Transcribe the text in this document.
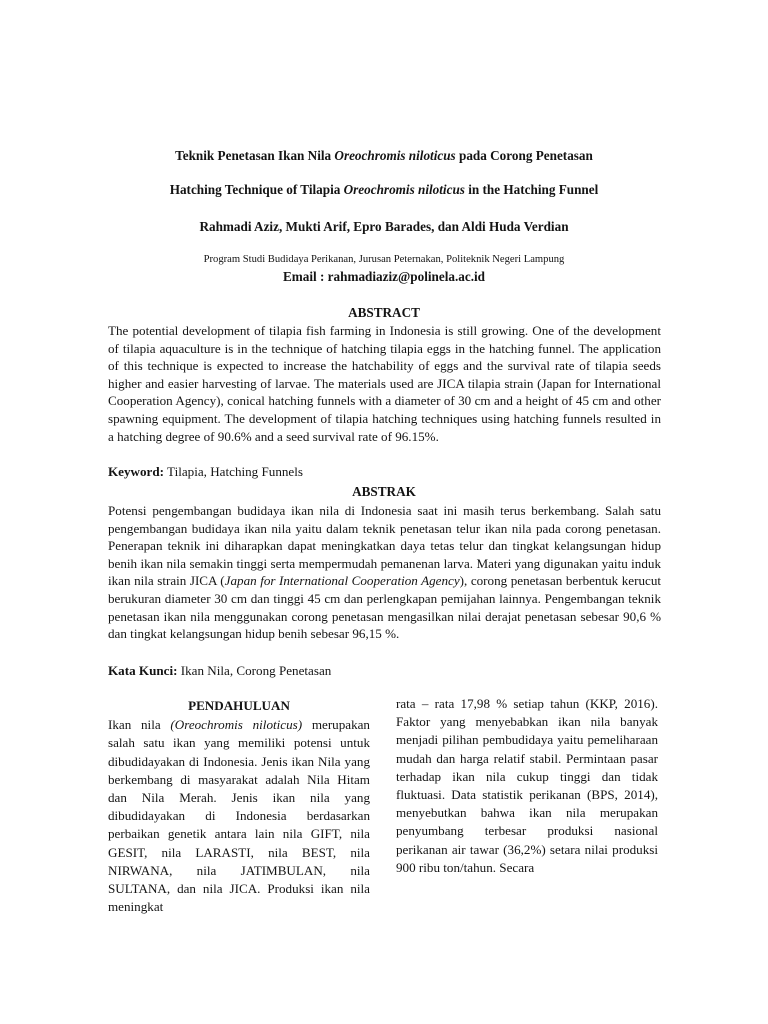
Teknik Penetasan Ikan Nila Oreochromis niloticus pada Corong Penetasan
Hatching Technique of Tilapia Oreochromis niloticus in the Hatching Funnel
Rahmadi Aziz, Mukti Arif, Epro Barades, dan Aldi Huda Verdian
Program Studi Budidaya Perikanan, Jurusan Peternakan, Politeknik Negeri Lampung
Email : rahmadiaziz@polinela.ac.id
ABSTRACT
The potential development of tilapia fish farming in Indonesia is still growing. One of the development of tilapia aquaculture is in the technique of hatching tilapia eggs in the hatching funnel. The application of this technique is expected to increase the hatchability of eggs and the survival rate of tilapia seeds higher and easier harvesting of larvae. The materials used are JICA tilapia strain (Japan for International Cooperation Agency), conical hatching funnels with a diameter of 30 cm and a height of 45 cm and other spawning equipment. The development of tilapia hatching techniques using hatching funnels resulted in a hatching degree of 90.6% and a seed survival rate of 96.15%.
Keyword: Tilapia, Hatching Funnels
ABSTRAK
Potensi pengembangan budidaya ikan nila di Indonesia saat ini masih terus berkembang. Salah satu pengembangan budidaya ikan nila yaitu dalam teknik penetasan telur ikan nila pada corong penetasan. Penerapan teknik ini diharapkan dapat meningkatkan daya tetas telur dan tingkat kelangsungan hidup benih ikan nila semakin tinggi serta mempermudah pemanenan larva. Materi yang digunakan yaitu induk ikan nila strain JICA (Japan for International Cooperation Agency), corong penetasan berbentuk kerucut berukuran diameter 30 cm dan tinggi 45 cm dan perlengkapan pemijahan lainnya. Pengembangan teknik penetasan ikan nila menggunakan corong penetasan mengasilkan nilai derajat penetasan sebesar 90,6 % dan tingkat kelangsungan hidup benih sebesar 96,15 %.
Kata Kunci: Ikan Nila, Corong Penetasan
PENDAHULUAN
Ikan nila (Oreochromis niloticus) merupakan salah satu ikan yang memiliki potensi untuk dibudidayakan di Indonesia. Jenis ikan Nila yang berkembang di masyarakat adalah Nila Hitam dan Nila Merah. Jenis ikan nila yang dibudidayakan di Indonesia berdasarkan perbaikan genetik antara lain nila GIFT, nila GESIT, nila LARASTI, nila BEST, nila NIRWANA, nila JATIMBULAN, nila SULTANA, dan nila JICA. Produksi ikan nila meningkat
rata – rata 17,98 % setiap tahun (KKP, 2016). Faktor yang menyebabkan ikan nila banyak menjadi pilihan pembudidaya yaitu pemeliharaan mudah dan harga relatif stabil. Permintaan pasar terhadap ikan nila cukup tinggi dan tidak fluktuasi. Data statistik perikanan (BPS, 2014), menyebutkan bahwa ikan nila merupakan penyumbang terbesar produksi nasional perikanan air tawar (36,2%) setara nilai produksi 900 ribu ton/tahun. Secara
